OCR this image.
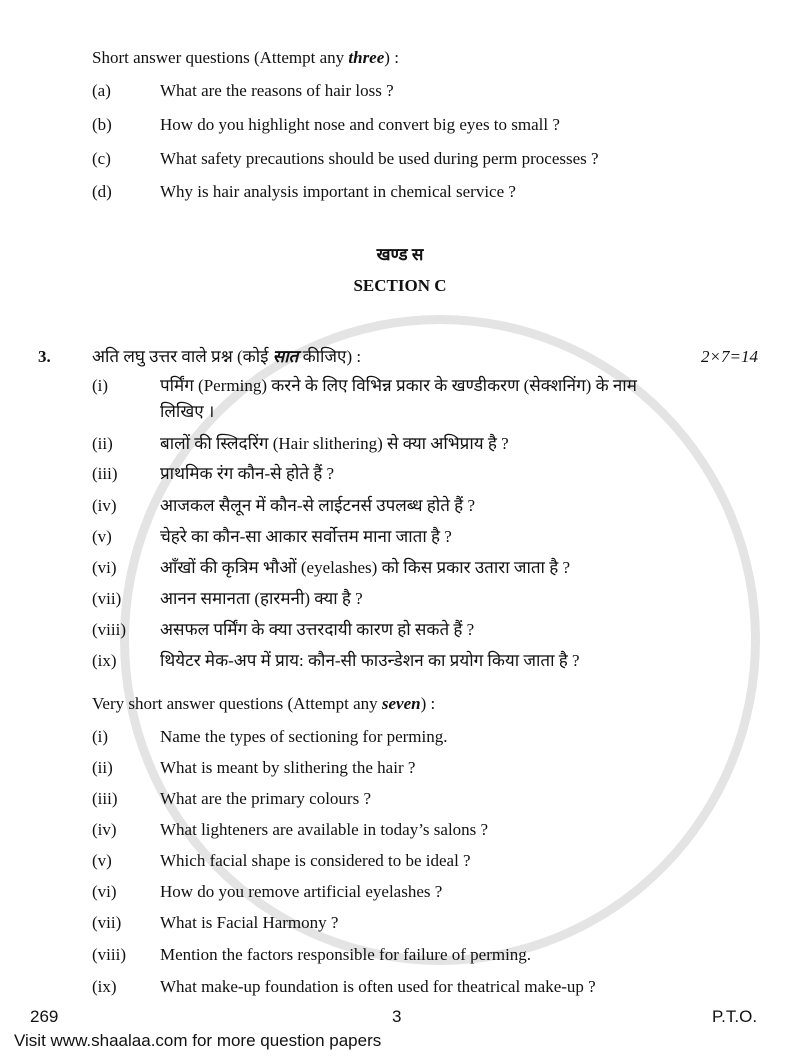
Short answer questions (Attempt any three) :
(a)	What are the reasons of hair loss ?
(b)	How do you highlight nose and convert big eyes to small ?
(c)	What safety precautions should be used during perm processes ?
(d)	Why is hair analysis important in chemical service ?
खण्ड स
SECTION C
3. अति लघु उत्तर वाले प्रश्न (कोई सात कीजिए) :	2×7=14
(i)	पर्मिंग (Perming) करने के लिए विभिन्न प्रकार के खण्डीकरण (सेक्शनिंग) के नाम
लिखिए ।
(ii)	बालों की स्लिदरिंग (Hair slithering) से क्या अभिप्राय है ?
(iii)	प्राथमिक रंग कौन-से होते हैं ?
(iv)	आजकल सैलून में कौन-से लाईटनर्स उपलब्ध होते हैं ?
(v)	चेहरे का कौन-सा आकार सर्वोत्तम माना जाता है ?
(vi)	आँखों की कृत्रिम भौओं (eyelashes) को किस प्रकार उतारा जाता है ?
(vii) आनन समानता (हारमनी) क्या है ?
(viii) असफल पर्मिंग के क्या उत्तरदायी कारण हो सकते हैं ?
(ix)	थियेटर मेक-अप में प्राय: कौन-सी फाउन्डेशन का प्रयोग किया जाता है ?
Very short answer questions (Attempt any seven) :
(i)	Name the types of sectioning for perming.
(ii)	What is meant by slithering the hair ?
(iii)	What are the primary colours ?
(iv)	What lighteners are available in today’s salons ?
(v)	Which facial shape is considered to be ideal ?
(vi)	How do you remove artificial eyelashes ?
(vii) What is Facial Harmony ?
(viii) Mention the factors responsible for failure of perming.
(ix)	What make-up foundation is often used for theatrical make-up ?
269	3	P.T.O.
Visit www.shaalaa.com for more question papers
